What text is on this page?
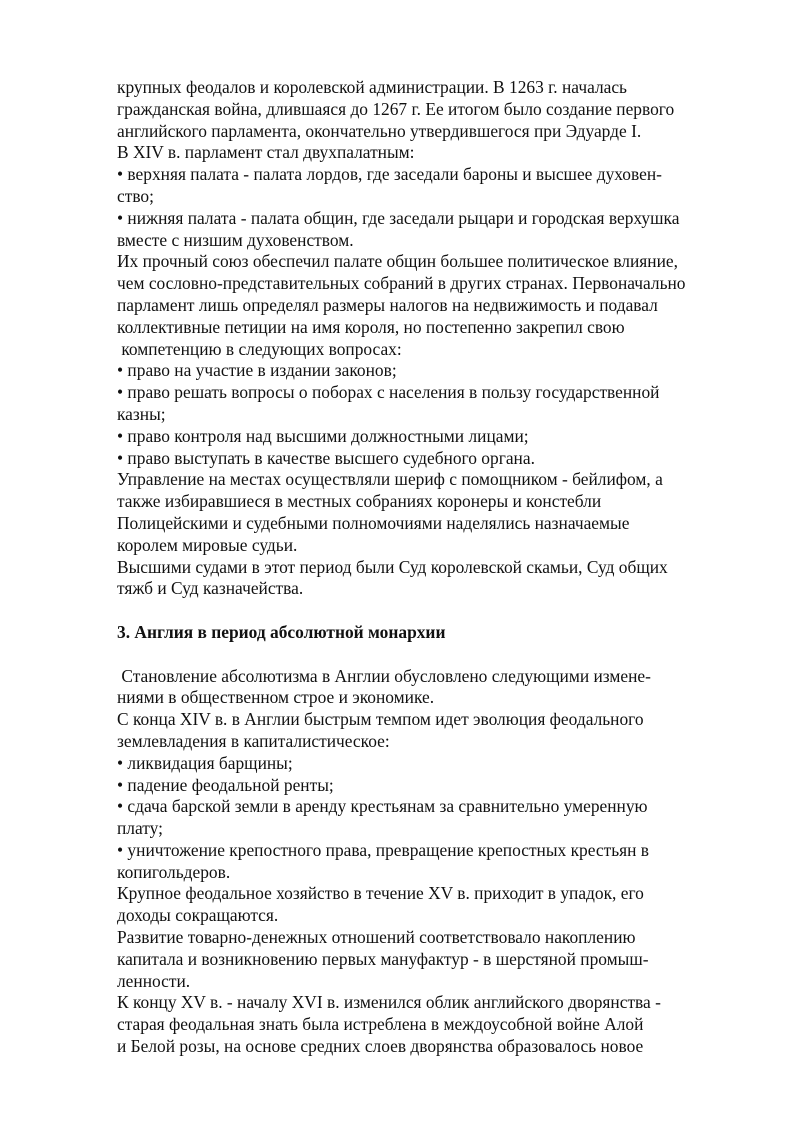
крупных феодалов и королевской администрации. В 1263 г. началась
гражданская война, длившаяся до 1267 г. Ее итогом было создание первого
английского парламента, окончательно утвердившегося при Эдуарде I.
В XIV в. парламент стал двухпалатным:
• верхняя палата - палата лордов, где заседали бароны и высшее духовен-
ство;
• нижняя палата - палата общин, где заседали рыцари и городская верхушка
вместе с низшим духовенством.
Их прочный союз обеспечил палате общин большее политическое влияние,
чем сословно-представительных собраний в других странах. Первоначально
парламент лишь определял размеры налогов на недвижимость и подавал
коллективные петиции на имя короля, но постепенно закрепил свою
компетенцию в следующих вопросах:
• право на участие в издании законов;
• право решать вопросы о поборах с населения в пользу государственной
казны;
• право контроля над высшими должностными лицами;
• право выступать в качестве высшего судебного органа.
Управление на местах осуществляли шериф с помощником - бейлифом, а
также избиравшиеся в местных собраниях коронеры и констебли
Полицейскими и судебными полномочиями наделялись назначаемые
королем мировые судьи.
Высшими судами в этот период были Суд королевской скамьи, Суд общих
тяжб и Суд казначейства.
3. Англия в период абсолютной монархии
Становление абсолютизма в Англии обусловлено следующими измене-
ниями в общественном строе и экономике.
С конца XIV в. в Англии быстрым темпом идет эволюция феодального
землевладения в капиталистическое:
• ликвидация барщины;
• падение феодальной ренты;
• сдача барской земли в аренду крестьянам за сравнительно умеренную
плату;
• уничтожение крепостного права, превращение крепостных крестьян в
копигольдеров.
Крупное феодальное хозяйство в течение XV в. приходит в упадок, его
доходы сокращаются.
Развитие товарно-денежных отношений соответствовало накоплению
капитала и возникновению первых мануфактур - в шерстяной промыш-
ленности.
К концу XV в. - началу XVI в. изменился облик английского дворянства -
старая феодальная знать была истреблена в междоусобной войне Алой
и Белой розы, на основе средних слоев дворянства образовалось новое
